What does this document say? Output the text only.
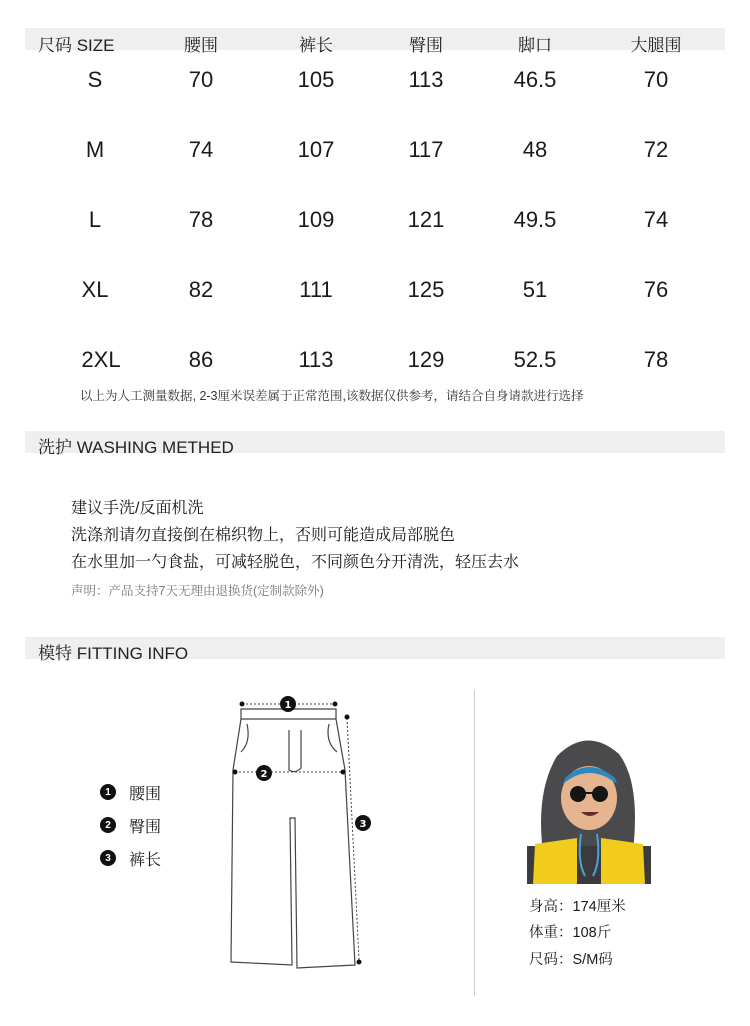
尺码 SIZE	腰围	裤长	臀围	脚口	大腿围
S	70	105	113	46.5	70
M	74	107	117	48	72
L	78	109	121	49.5	74
XL	82	111	125	51	76
2XL	86	113	129	52.5	78
以上为人工测量数据, 2-3厘米误差属于正常范围,该数据仅供参考，请结合自身请款进行选择
洗护 WASHING METHED
建议手洗/反面机洗
洗涤剂请勿直接倒在棉织物上，否则可能造成局部脱色
在水里加一勺食盐，可减轻脱色，不同颜色分开清洗，轻压去水
声明：产品支持7天无理由退换货(定制款除外)
模特 FITTING INFO
1	腰围
2	臀围
3	裤长
1
2
3
身高：174厘米
体重：108斤
尺码：S/M码
